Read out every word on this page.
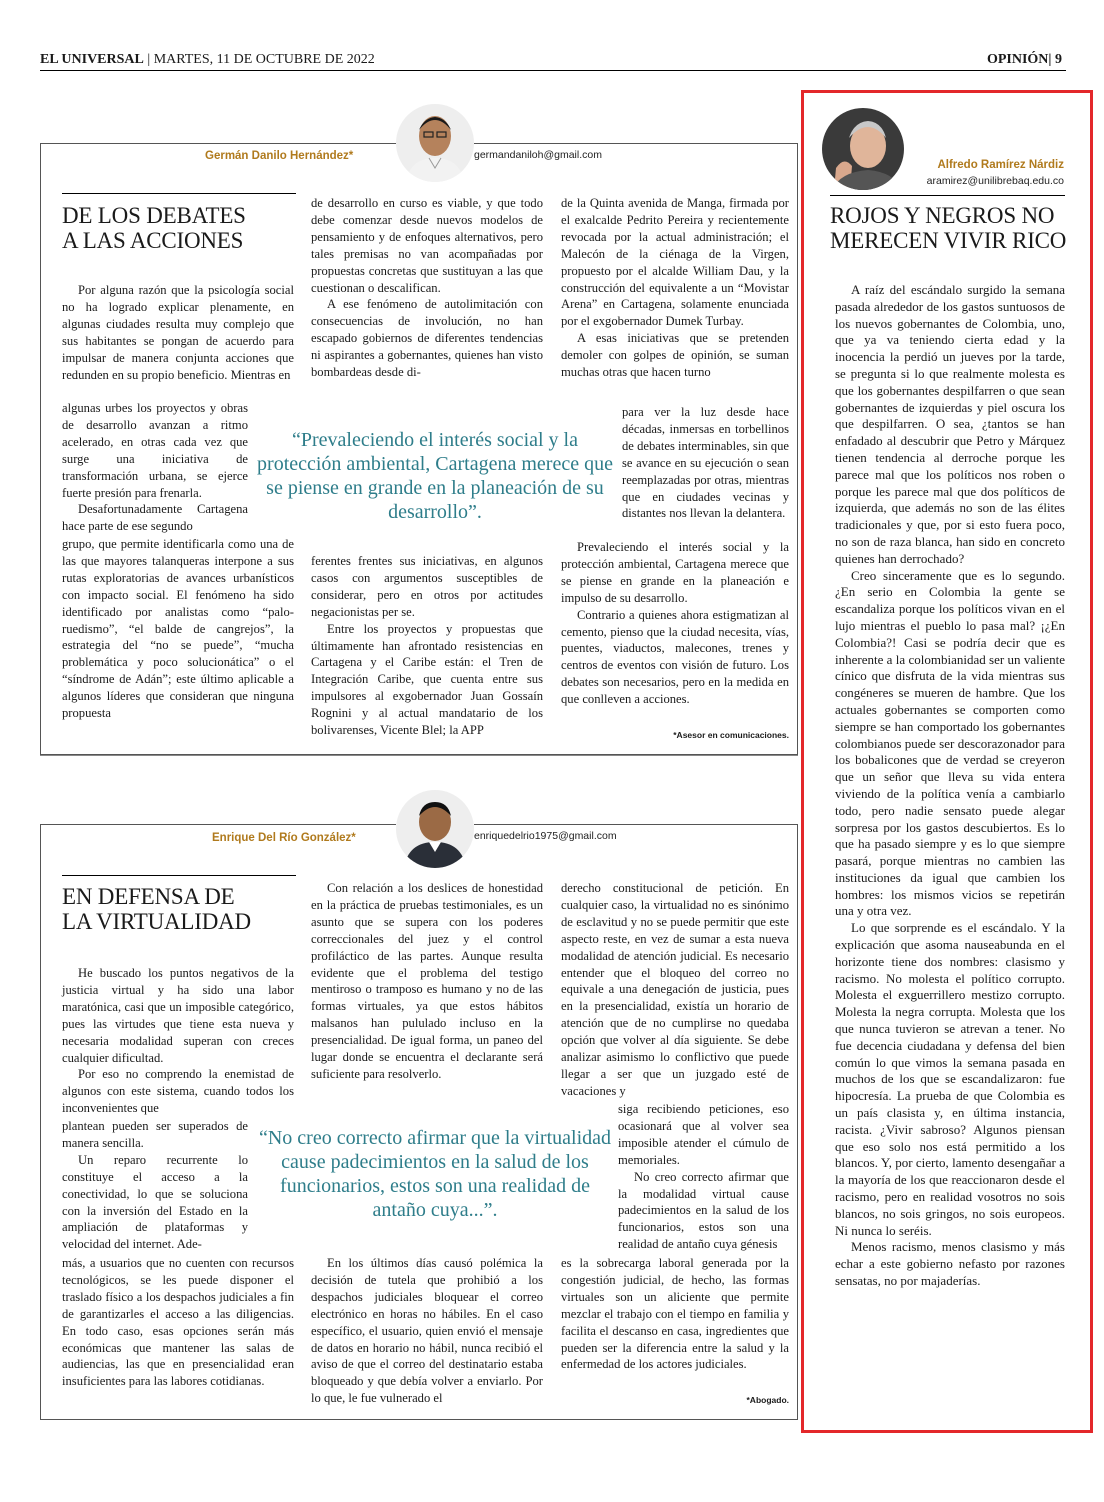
EL UNIVERSAL | MARTES, 11 DE OCTUBRE DE 2022	OPINIÓN| 9
Germán Danilo Hernández*	germandaniloh@gmail.com
DE LOS DEBATES
A LAS ACCIONES

Por alguna razón que la psicología social no ha logrado explicar plenamente, en algunas ciudades resulta muy complejo que sus habitantes se pongan de acuerdo para impulsar de manera conjunta acciones que redunden en su propio beneficio. Mientras en

algunas urbes los proyectos y obras de desarrollo avanzan a ritmo acelerado, en otras cada vez que surge una iniciativa de transformación urbana, se ejerce fuerte presión para frenarla.

Desafortunadamente Cartagena hace parte de ese segundo

grupo, que permite identificarla como una de las que mayores talanqueras interpone a sus rutas exploratorias de avances urbanísticos con impacto social. El fenómeno ha sido identificado por analistas como “palo-ruedismo”, “el balde de cangrejos”, la estrategia del “no se puede”, “mucha problemática y poco solucionática” o el “síndrome de Adán”; este último aplicable a algunos líderes que consideran que ninguna propuesta

de desarrollo en curso es viable, y que todo debe comenzar desde nuevos modelos de pensamiento y de enfoques alternativos, pero tales premisas no van acompañadas por propuestas concretas que sustituyan a las que cuestionan o descalifican.

A ese fenómeno de autolimitación con consecuencias de involución, no han escapado gobiernos de diferentes tendencias ni aspirantes a gobernantes, quienes han visto bombardeas desde di-

ferentes frentes sus iniciativas, en algunos casos con argumentos susceptibles de considerar, pero en otros por actitudes negacionistas per se.

Entre los proyectos y propuestas que últimamente han afrontado resistencias en Cartagena y el Caribe están: el Tren de Integración Caribe, que cuenta entre sus impulsores al exgobernador Juan Gossaín Rognini y al actual mandatario de los bolivarenses, Vicente Blel; la APP

de la Quinta avenida de Manga, firmada por el exalcalde Pedrito Pereira y recientemente revocada por la actual administración; el Malecón de la ciénaga de la Virgen, propuesto por el alcalde William Dau, y la construcción del equivalente a un “Movistar Arena” en Cartagena, solamente enunciada por el exgobernador Dumek Turbay.

A esas iniciativas que se pretenden demoler con golpes de opinión, se suman muchas otras que hacen turno

para ver la luz desde hace décadas, inmersas en torbellinos de debates interminables, sin que se avance en su ejecución o sean reemplazadas por otras, mientras que en ciudades vecinas y distantes nos llevan la delantera.

Prevaleciendo el interés social y la protección ambiental, Cartagena merece que se piense en grande en la planeación e impulso de su desarrollo.

Contrario a quienes ahora estigmatizan al cemento, pienso que la ciudad necesita, vías, puentes, viaductos, malecones, trenes y centros de eventos con visión de futuro. Los debates son necesarios, pero en la medida en que conlleven a acciones.

“Prevaleciendo el interés social y la protección ambiental, Cartagena merece que se piense en grande en la planeación de su desarrollo”.
*Asesor en comunicaciones.
Enrique Del Río González*	enriquedelrio1975@gmail.com
EN DEFENSA DE
LA VIRTUALIDAD

He buscado los puntos negativos de la justicia virtual y ha sido una labor maratónica, casi que un imposible categórico, pues las virtudes que tiene esta nueva y necesaria modalidad superan con creces cualquier dificultad.

Por eso no comprendo la enemistad de algunos con este sistema, cuando todos los inconvenientes que

plantean pueden ser superados de manera sencilla.

Un reparo recurrente lo constituye el acceso a la conectividad, lo que se soluciona con la inversión del Estado en la ampliación de plataformas y velocidad del internet. Ade-

más, a usuarios que no cuenten con recursos tecnológicos, se les puede disponer el traslado físico a los despachos judiciales a fin de garantizarles el acceso a las diligencias. En todo caso, esas opciones serán más económicas que mantener las salas de audiencias, las que en presencialidad eran insuficientes para las labores cotidianas.

Con relación a los deslices de honestidad en la práctica de pruebas testimoniales, es un asunto que se supera con los poderes correccionales del juez y el control profiláctico de las partes. Aunque resulta evidente que el problema del testigo mentiroso o tramposo es humano y no de las formas virtuales, ya que estos hábitos malsanos han pululado incluso en la presencialidad. De igual forma, un paneo del lugar donde se encuentra el declarante será suficiente para resolverlo.

En los últimos días causó polémica la decisión de tutela que prohibió a los despachos judiciales bloquear el correo electrónico en horas no hábiles. En el caso específico, el usuario, quien envió el mensaje de datos en horario no hábil, nunca recibió el aviso de que el correo del destinatario estaba bloqueado y que debía volver a enviarlo. Por lo que, le fue vulnerado el

derecho constitucional de petición. En cualquier caso, la virtualidad no es sinónimo de esclavitud y no se puede permitir que este aspecto reste, en vez de sumar a esta nueva modalidad de atención judicial. Es necesario entender que el bloqueo del correo no equivale a una denegación de justicia, pues en la presencialidad, existía un horario de atención que de no cumplirse no quedaba opción que volver al día siguiente. Se debe analizar asimismo lo conflictivo que puede llegar a ser que un juzgado esté de vacaciones y

siga recibiendo peticiones, eso ocasionará que al volver sea imposible atender el cúmulo de memoriales.

No creo correcto afirmar que la modalidad virtual cause padecimientos en la salud de los funcionarios, estos son una realidad de antaño cuya génesis

es la sobrecarga laboral generada por la congestión judicial, de hecho, las formas virtuales son un aliciente que permite mezclar el trabajo con el tiempo en familia y facilita el descanso en casa, ingredientes que pueden ser la diferencia entre la salud y la enfermedad de los actores judiciales.

“No creo correcto afirmar que la virtualidad cause padecimientos en la salud de los funcionarios, estos son una realidad de antaño cuya...”.
*Abogado.
Alfredo Ramírez Nárdiz
aramirez@unilibrebaq.edu.co
ROJOS Y NEGROS NO
MERECEN VIVIR RICO

A raíz del escándalo surgido la semana pasada alrededor de los gastos suntuosos de los nuevos gobernantes de Colombia, uno, que ya va teniendo cierta edad y la inocencia la perdió un jueves por la tarde, se pregunta si lo que realmente molesta es que los gobernantes despilfarren o que sean gobernantes de izquierdas y piel oscura los que despilfarren. O sea, ¿tantos se han enfadado al descubrir que Petro y Márquez tienen tendencia al derroche porque les parece mal que los políticos nos roben o porque les parece mal que dos políticos de izquierda, que además no son de las élites tradicionales y que, por si esto fuera poco, no son de raza blanca, han sido en concreto quienes han derrochado?

Creo sinceramente que es lo segundo. ¿En serio en Colombia la gente se escandaliza porque los políticos vivan en el lujo mientras el pueblo lo pasa mal? ¡¿En Colombia?! Casi se podría decir que es inherente a la colombianidad ser un valiente cínico que disfruta de la vida mientras sus congéneres se mueren de hambre. Que los actuales gobernantes se comporten como siempre se han comportado los gobernantes colombianos puede ser descorazonador para los bobalicones que de verdad se creyeron que un señor que lleva su vida entera viviendo de la política venía a cambiarlo todo, pero nadie sensato puede alegar sorpresa por los gastos descubiertos. Es lo que ha pasado siempre y es lo que siempre pasará, porque mientras no cambien las instituciones da igual que cambien los hombres: los mismos vicios se repetirán una y otra vez.

Lo que sorprende es el escándalo. Y la explicación que asoma nauseabunda en el horizonte tiene dos nombres: clasismo y racismo. No molesta el político corrupto. Molesta el exguerrillero mestizo corrupto. Molesta la negra corrupta. Molesta que los que nunca tuvieron se atrevan a tener. No fue decencia ciudadana y defensa del bien común lo que vimos la semana pasada en muchos de los que se escandalizaron: fue hipocresía. La prueba de que Colombia es un país clasista y, en última instancia, racista. ¿Vivir sabroso? Algunos piensan que eso solo nos está permitido a los blancos. Y, por cierto, lamento desengañar a la mayoría de los que reaccionaron desde el racismo, pero en realidad vosotros no sois blancos, no sois gringos, no sois europeos. Ni nunca lo seréis.

Menos racismo, menos clasismo y más echar a este gobierno nefasto por razones sensatas, no por majaderías.
